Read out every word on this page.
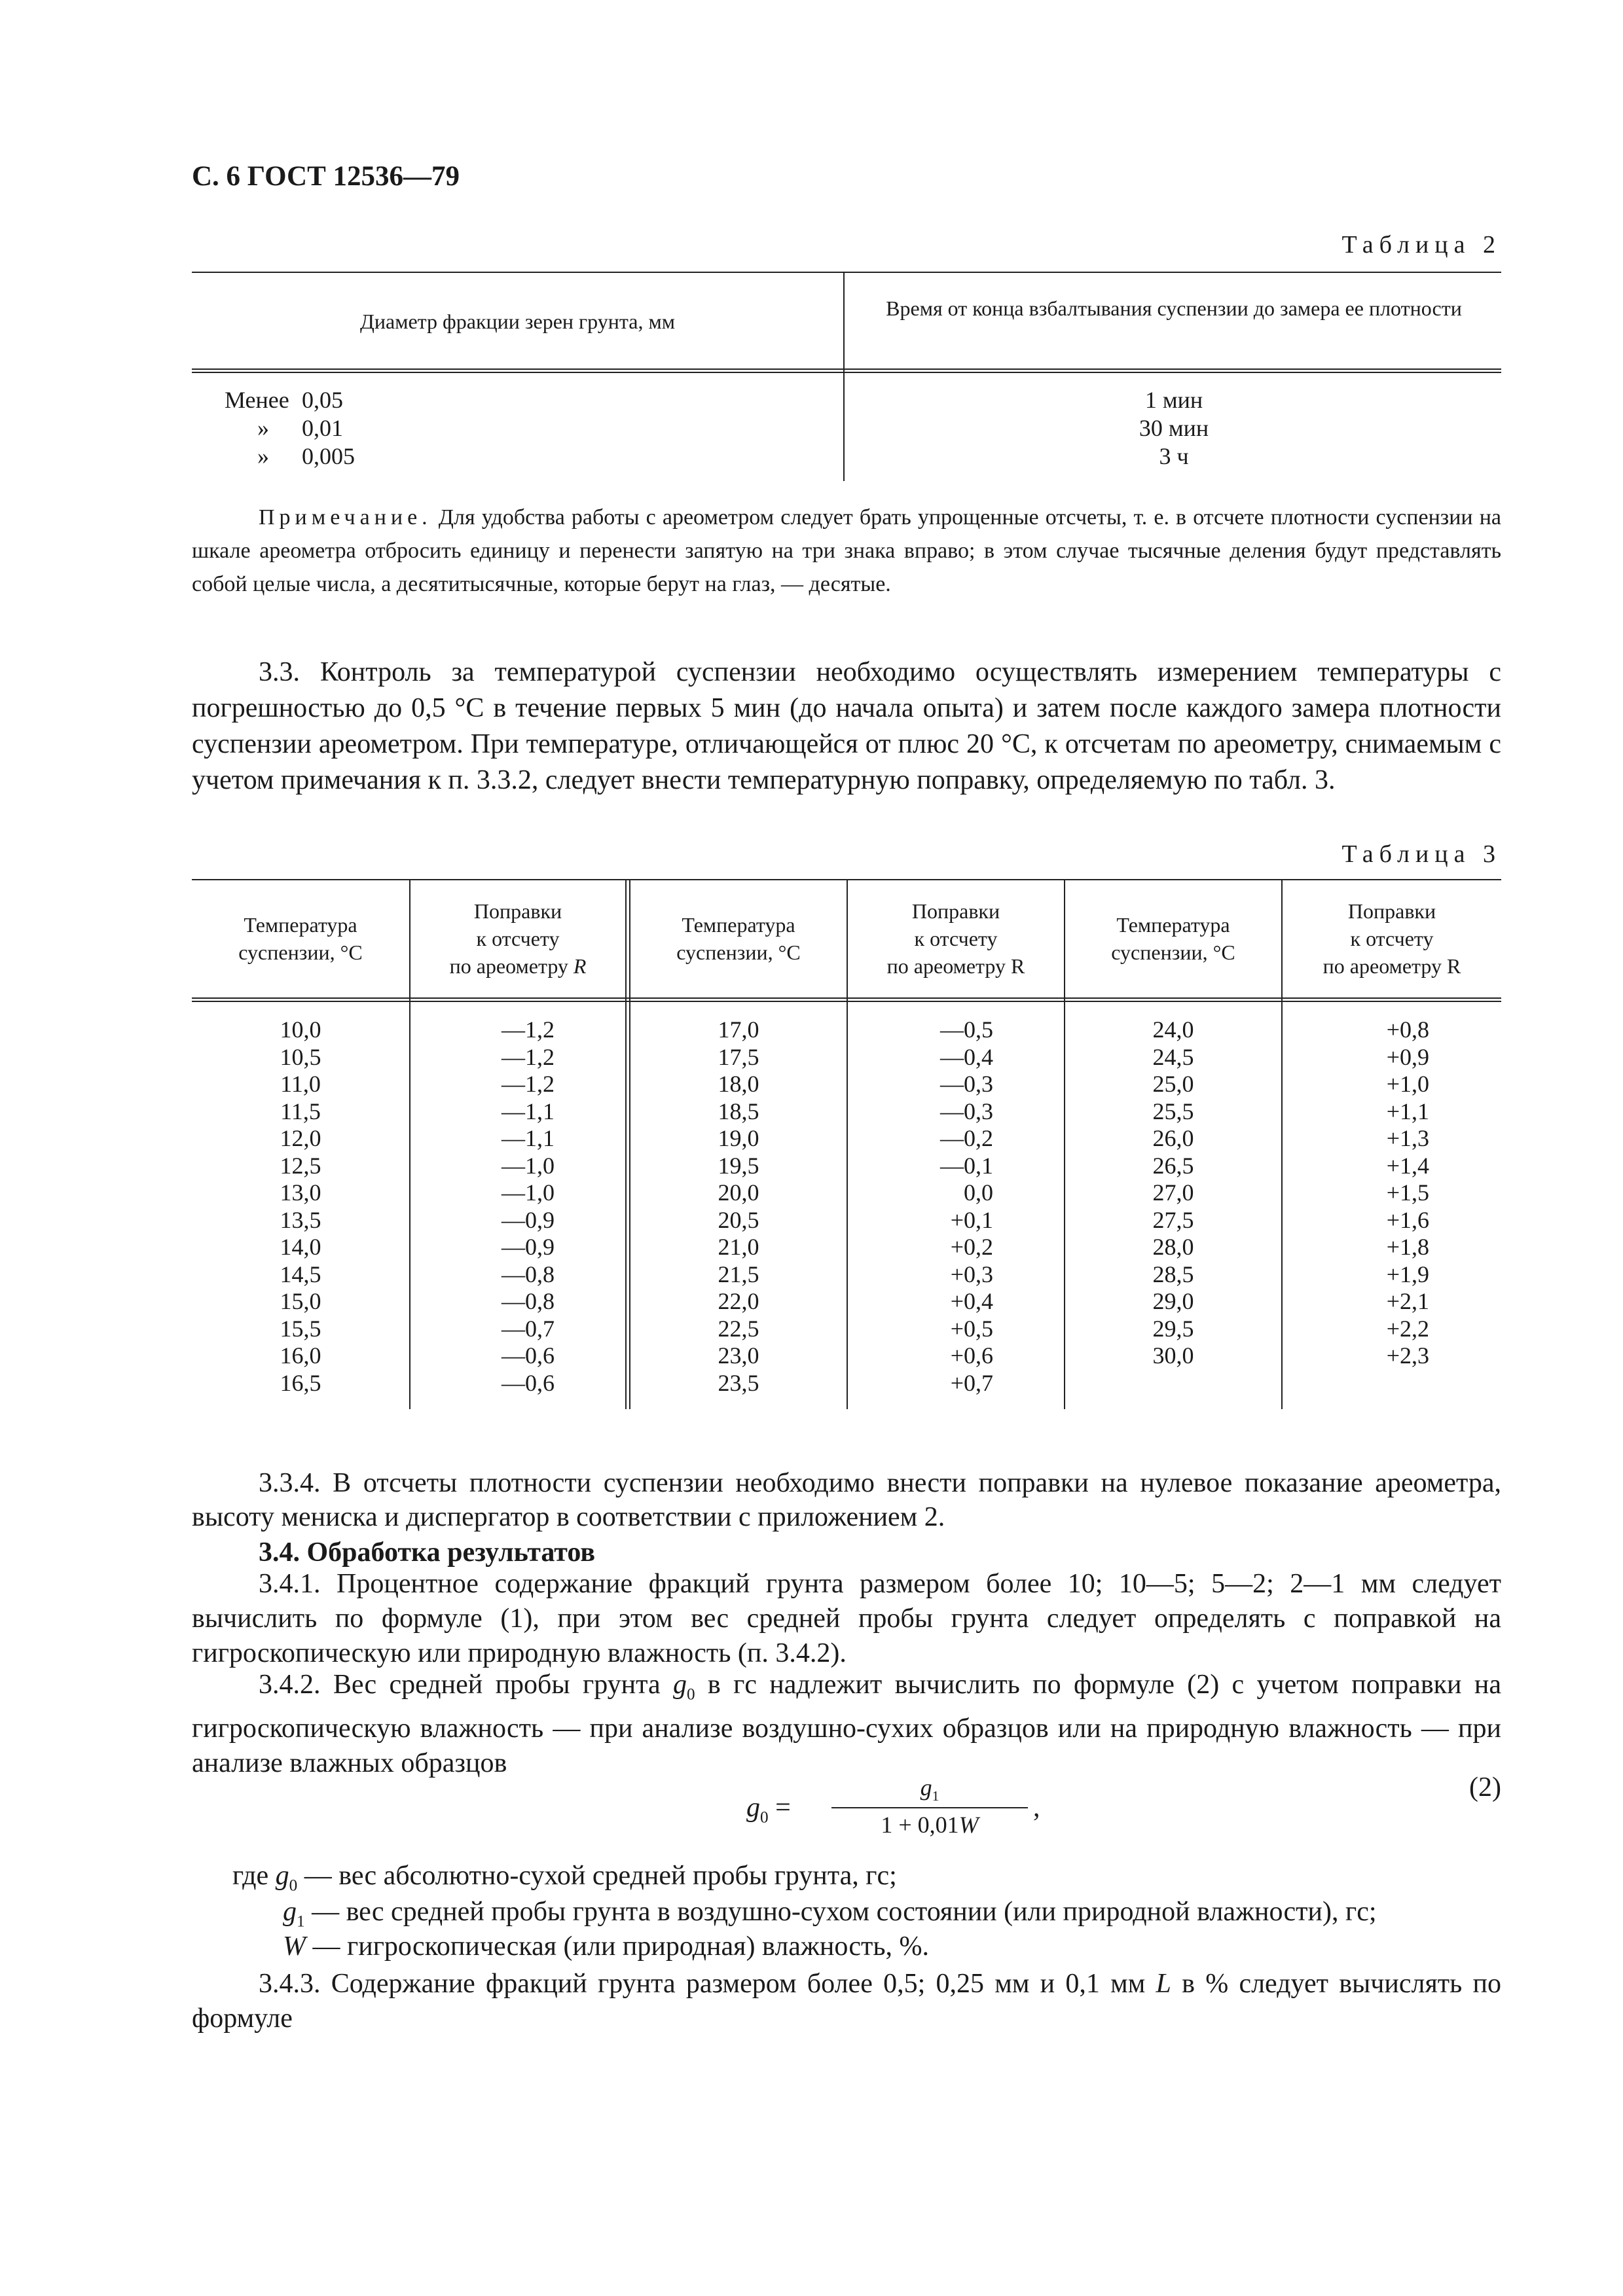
С. 6 ГОСТ 12536—79
Таблица 2
Диаметр фракции зерен грунта, мм
Время от конца взбалтывания суспензии до замера ее плотности
Менее 0,05
» 0,01
» 0,005
1 мин
30 мин
3 ч

Примечание. Для удобства работы с ареометром следует брать упрощенные отсчеты, т. е. в отсчете плотности суспензии на шкале ареометра отбросить единицу и перенести запятую на три знака вправо; в этом случае тысячные деления будут представлять собой целые числа, а десятитысячные, которые берут на глаз, — десятые.

3.3. Контроль за температурой суспензии необходимо осуществлять измерением температуры с погрешностью до 0,5 °С в течение первых 5 мин (до начала опыта) и затем после каждого замера плотности суспензии ареометром. При температуре, отличающейся от плюс 20 °С, к отсчетам по ареометру, снимаемым с учетом примечания к п. 3.3.2, следует внести температурную поправку, определяемую по табл. 3.

Таблица 3
Температура
суспензии, °С
Поправки
к отсчету
по ареометру R
Температура
суспензии, °С
Поправки
к отсчету
по ареометру R
Температура
суспензии, °С
Поправки
к отсчету
по ареометру R
10,0
10,5
11,0
11,5
12,0
12,5
13,0
13,5
14,0
14,5
15,0
15,5
16,0
16,5
—1,2
—1,2
—1,2
—1,1
—1,1
—1,0
—1,0
—0,9
—0,9
—0,8
—0,8
—0,7
—0,6
—0,6
17,0
17,5
18,0
18,5
19,0
19,5
20,0
20,5
21,0
21,5
22,0
22,5
23,0
23,5
—0,5
—0,4
—0,3
—0,3
—0,2
—0,1
0,0
+0,1
+0,2
+0,3
+0,4
+0,5
+0,6
+0,7
24,0
24,5
25,0
25,5
26,0
26,5
27,0
27,5
28,0
28,5
29,0
29,5
30,0
+0,8
+0,9
+1,0
+1,1
+1,3
+1,4
+1,5
+1,6
+1,8
+1,9
+2,1
+2,2
+2,3

3.3.4. В отсчеты плотности суспензии необходимо внести поправки на нулевое показание ареометра, высоту мениска и диспергатор в соответствии с приложением 2.

3.4. Обработка результатов

3.4.1. Процентное содержание фракций грунта размером более 10; 10—5; 5—2; 2—1 мм следует вычислить по формуле (1), при этом вес средней пробы грунта следует определять с поправкой на гигроскопическую или природную влажность (п. 3.4.2).

3.4.2. Вес средней пробы грунта $g_0$ в гс надлежит вычислить по формуле (2) с учетом поправки на гигроскопическую влажность — при анализе воздушно-сухих образцов или на природную влажность — при анализе влажных образцов

$g_0$ =
$g_1$
1 + 0,01W
,
(2)
где $g_0$ — вес абсолютно-сухой средней пробы грунта, гс;
$g_1$ — вес средней пробы грунта в воздушно-сухом состоянии (или природной влажности), гс;
W — гигроскопическая (или природная) влажность, %.

3.4.3. Содержание фракций грунта размером более 0,5; 0,25 мм и 0,1 мм L в % следует вычислять по формуле
